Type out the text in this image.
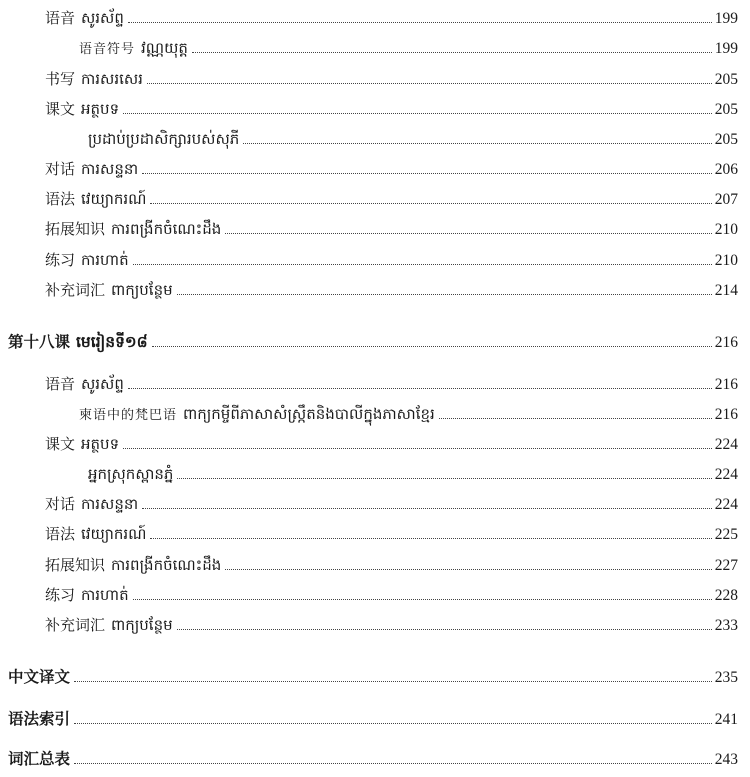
语音 សូរស័ព្ទ	199
语音符号 វណ្ណយុត្ត	199
书写 ការសរសេរ	205
课文 អត្ថបទ	205
ប្រដាប់ប្រដាសិក្សារបស់សុភី	205
对话 ការសន្ទនា	206
语法 វេយ្យាករណ៍	207
拓展知识 ការពង្រីកចំណេះដឹង	210
练习 ការហាត់	210
补充词汇 ពាក្យបន្ថែម	214
第十八课 មេរៀនទី១៨	216
语音 សូរស័ព្ទ	216
柬语中的梵巴语 ពាក្យកម្ចីពីភាសាសំស្ក្រឹតនិងបាលីក្នុងភាសាខ្មែរ	216
课文 អត្ថបទ	224
អ្នកស្រុកស្ពានភ្នំ	224
对话 ការសន្ទនា	224
语法 វេយ្យាករណ៍	225
拓展知识 ការពង្រីកចំណេះដឹង	227
练习 ការហាត់	228
补充词汇 ពាក្យបន្ថែម	233
中文译文	235
语法索引	241
词汇总表	243
